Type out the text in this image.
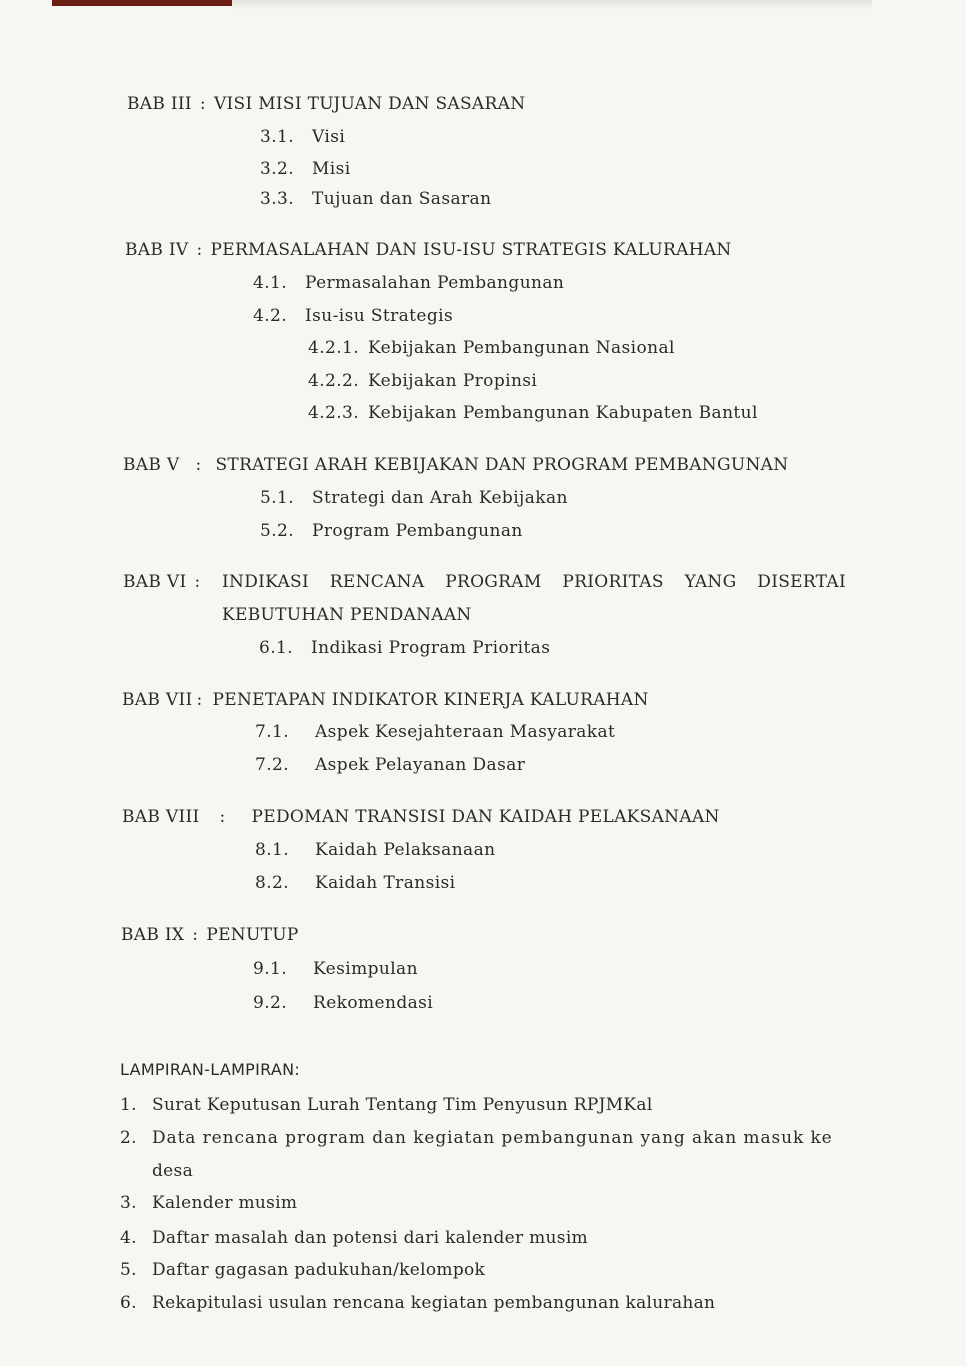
BAB III : VISI MISI TUJUAN DAN SASARAN
3.1. Visi
3.2. Misi
3.3. Tujuan dan Sasaran
BAB IV : PERMASALAHAN DAN ISU-ISU STRATEGIS KALURAHAN
4.1. Permasalahan Pembangunan
4.2. Isu-isu Strategis
4.2.1. Kebijakan Pembangunan Nasional
4.2.2. Kebijakan Propinsi
4.2.3. Kebijakan Pembangunan Kabupaten Bantul
BAB V : STRATEGI ARAH KEBIJAKAN DAN PROGRAM PEMBANGUNAN
5.1. Strategi dan Arah Kebijakan
5.2. Program Pembangunan
BAB VI :	INDIKASI RENCANA PROGRAM PRIORITAS YANG DISERTAI
KEBUTUHAN PENDANAAN
6.1. Indikasi Program Prioritas
BAB VII : PENETAPAN INDIKATOR KINERJA KALURAHAN
7.1. Aspek Kesejahteraan Masyarakat
7.2. Aspek Pelayanan Dasar
BAB VIII : PEDOMAN TRANSISI DAN KAIDAH PELAKSANAAN
8.1. Kaidah Pelaksanaan
8.2. Kaidah Transisi
BAB IX : PENUTUP
9.1. Kesimpulan
9.2. Rekomendasi
LAMPIRAN-LAMPIRAN:
1. Surat Keputusan Lurah Tentang Tim Penyusun RPJMKal
2. Data rencana program dan kegiatan pembangunan yang akan masuk ke
desa
3. Kalender musim
4. Daftar masalah dan potensi dari kalender musim
5. Daftar gagasan padukuhan/kelompok
6. Rekapitulasi usulan rencana kegiatan pembangunan kalurahan
